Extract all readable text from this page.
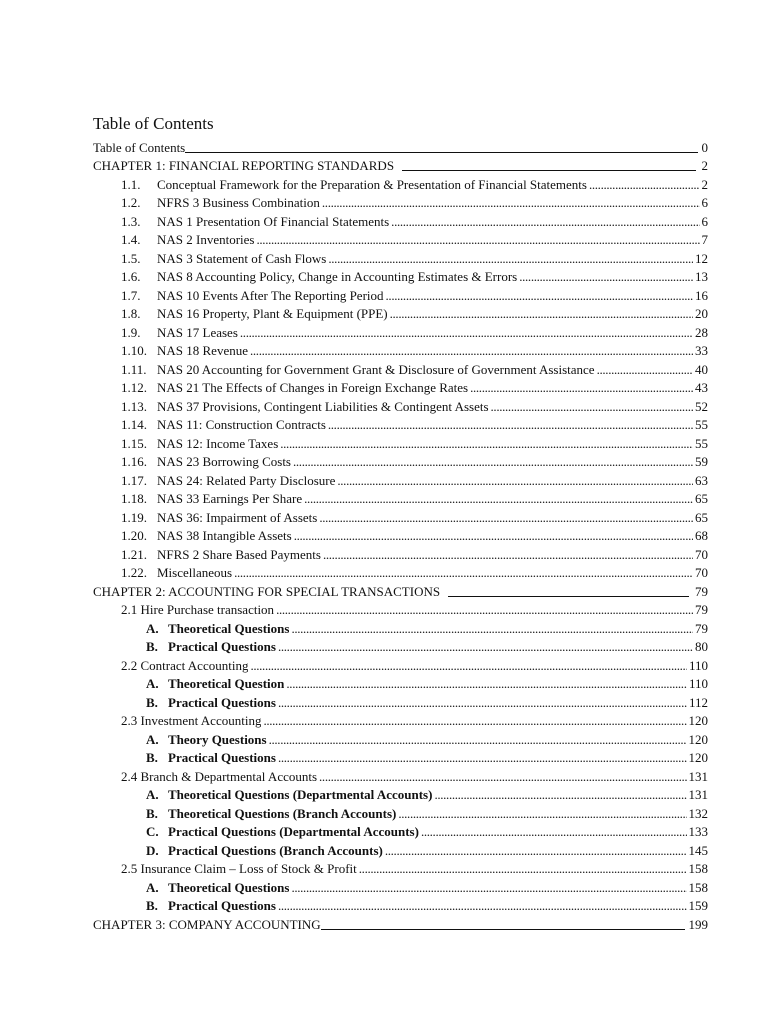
Table of Contents
Table of Contents	0
CHAPTER 1: FINANCIAL REPORTING STANDARDS	2
1.1.	Conceptual Framework for the Preparation & Presentation of Financial Statements . . .	2
1.2.	NFRS 3 Business Combination . . .	6
1.3.	NAS 1 Presentation Of Financial Statements . . .	6
1.4.	NAS 2 Inventories . . .	7
1.5.	NAS 3 Statement of Cash Flows . . .	12
1.6.	NAS 8 Accounting Policy, Change in Accounting Estimates & Errors . . .	13
1.7.	NAS 10 Events After The Reporting Period . . .	16
1.8.	NAS 16 Property, Plant & Equipment (PPE) . . .	20
1.9.	NAS 17 Leases . . .	28
1.10. NAS 18 Revenue . . .	33
1.11. NAS 20 Accounting for Government Grant & Disclosure of Government Assistance . . .	40
1.12. NAS 21 The Effects of Changes in Foreign Exchange Rates . . .	43
1.13. NAS 37 Provisions, Contingent Liabilities & Contingent Assets . . .	52
1.14. NAS 11: Construction Contracts . . .	55
1.15. NAS 12: Income Taxes . . .	55
1.16. NAS 23 Borrowing Costs . . .	59
1.17. NAS 24: Related Party Disclosure . . .	63
1.18. NAS 33 Earnings Per Share . . .	65
1.19. NAS 36: Impairment of Assets . . .	65
1.20. NAS 38 Intangible Assets . . .	68
1.21. NFRS 2 Share Based Payments . . .	70
1.22. Miscellaneous . . .	70
CHAPTER 2: ACCOUNTING FOR SPECIAL TRANSACTIONS	79
2.1 Hire Purchase transaction . . .	79
A. Theoretical Questions . . .	79
B. Practical Questions . . .	80
2.2 Contract Accounting . . .	110
A. Theoretical Question . . .	110
B. Practical Questions . . .	112
2.3 Investment Accounting . . .	120
A. Theory Questions . . .	120
B. Practical Questions . . .	120
2.4 Branch & Departmental Accounts . . .	131
A. Theoretical Questions (Departmental Accounts) . . .	131
B. Theoretical Questions (Branch Accounts) . . .	132
C. Practical Questions (Departmental Accounts) . . .	133
D. Practical Questions (Branch Accounts) . . .	145
2.5 Insurance Claim – Loss of Stock & Profit . . .	158
A. Theoretical Questions . . .	158
B. Practical Questions . . .	159
CHAPTER 3: COMPANY ACCOUNTING	199
